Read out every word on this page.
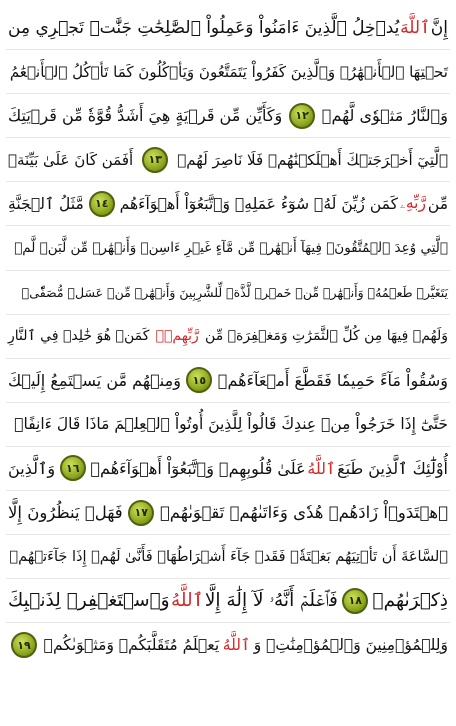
إِنَّ
ٱللَّهَ
يُدۡخِلُ ٱلَّذِينَ ءَامَنُواْ وَعَمِلُواْ ٱلصَّٰلِحَٰتِ جَنَّٰتٖ تَجۡرِي مِن
تَحۡتِهَا ٱلۡأَنۡهَٰرُۖ وَٱلَّذِينَ كَفَرُواْ يَتَمَتَّعُونَ وَيَأۡكُلُونَ كَمَا تَأۡكُلُ ٱلۡأَنۡعَٰمُ
وَٱلنَّارُ مَثۡوٗى لَّهُمۡ
١٢
وَكَأَيِّن مِّن قَرۡيَةٍ هِيَ أَشَدُّ قُوَّةٗ مِّن قَرۡيَتِكَ
ٱلَّتِيٓ أَخۡرَجَتۡكَ أَهۡلَكۡنَٰهُمۡ فَلَا نَاصِرَ لَهُمۡ
١٣
أَفَمَن كَانَ عَلَىٰ بَيِّنَةٖ
مِّن
رَّبِّهِۦ
كَمَن زُيِّنَ لَهُۥ سُوٓءُ عَمَلِهِۦ وَٱتَّبَعُوٓاْ أَهۡوَآءَهُم
١٤
مَّثَلُ ٱلۡجَنَّةِ
ٱلَّتِي وُعِدَ ٱلۡمُتَّقُونَۖ فِيهَآ أَنۡهَٰرٞ مِّن مَّآءٍ غَيۡرِ ءَاسِنٖ وَأَنۡهَٰرٞ مِّن لَّبَنٖ لَّمۡ
يَتَغَيَّرۡ طَعۡمُهُۥ وَأَنۡهَٰرٞ مِّنۡ خَمۡرٖ لَّذَّةٖ لِّلشَّٰرِبِينَ وَأَنۡهَٰرٞ مِّنۡ عَسَلٖ مُّصَفّٗىۖ
وَلَهُمۡ فِيهَا مِن كُلِّ ٱلثَّمَرَٰتِ وَمَغۡفِرَةٞ مِّن
رَّبِّهِمۡۖ
كَمَنۡ هُوَ خَٰلِدٞ فِي ٱلنَّارِ
وَسُقُواْ مَآءً حَمِيمٗا فَقَطَّعَ أَمۡعَآءَهُمۡ
١٥
وَمِنۡهُم مَّن يَسۡتَمِعُ إِلَيۡكَ
حَتَّىٰٓ إِذَا خَرَجُواْ مِنۡ عِندِكَ قَالُواْ لِلَّذِينَ أُوتُواْ ٱلۡعِلۡمَ مَاذَا قَالَ ءَانِفًاۚ
أُوْلَٰٓئِكَ ٱلَّذِينَ طَبَعَ
ٱللَّهُ
عَلَىٰ قُلُوبِهِمۡ وَٱتَّبَعُوٓاْ أَهۡوَآءَهُمۡ
١٦
وَٱلَّذِينَ
ٱهۡتَدَوۡاْ زَادَهُمۡ هُدٗى وَءَاتَىٰهُمۡ تَقۡوَىٰهُمۡ
١٧
فَهَلۡ يَنظُرُونَ إِلَّا
ٱلسَّاعَةَ أَن تَأۡتِيَهُم بَغۡتَةٗۖ فَقَدۡ جَآءَ أَشۡرَاطُهَاۚ فَأَنَّىٰ لَهُمۡ إِذَا جَآءَتۡهُمۡ
ذِكۡرَىٰهُمۡ
١٨
فَٱعۡلَمۡ أَنَّهُۥ لَآ إِلَٰهَ إِلَّا
ٱللَّهُ
وَٱسۡتَغۡفِرۡ لِذَنۢبِكَ
وَلِلۡمُؤۡمِنِينَ وَٱلۡمُؤۡمِنَٰتِۗ وَ
ٱللَّهُ
يَعۡلَمُ مُتَقَلَّبَكُمۡ وَمَثۡوَىٰكُمۡ
١٩
